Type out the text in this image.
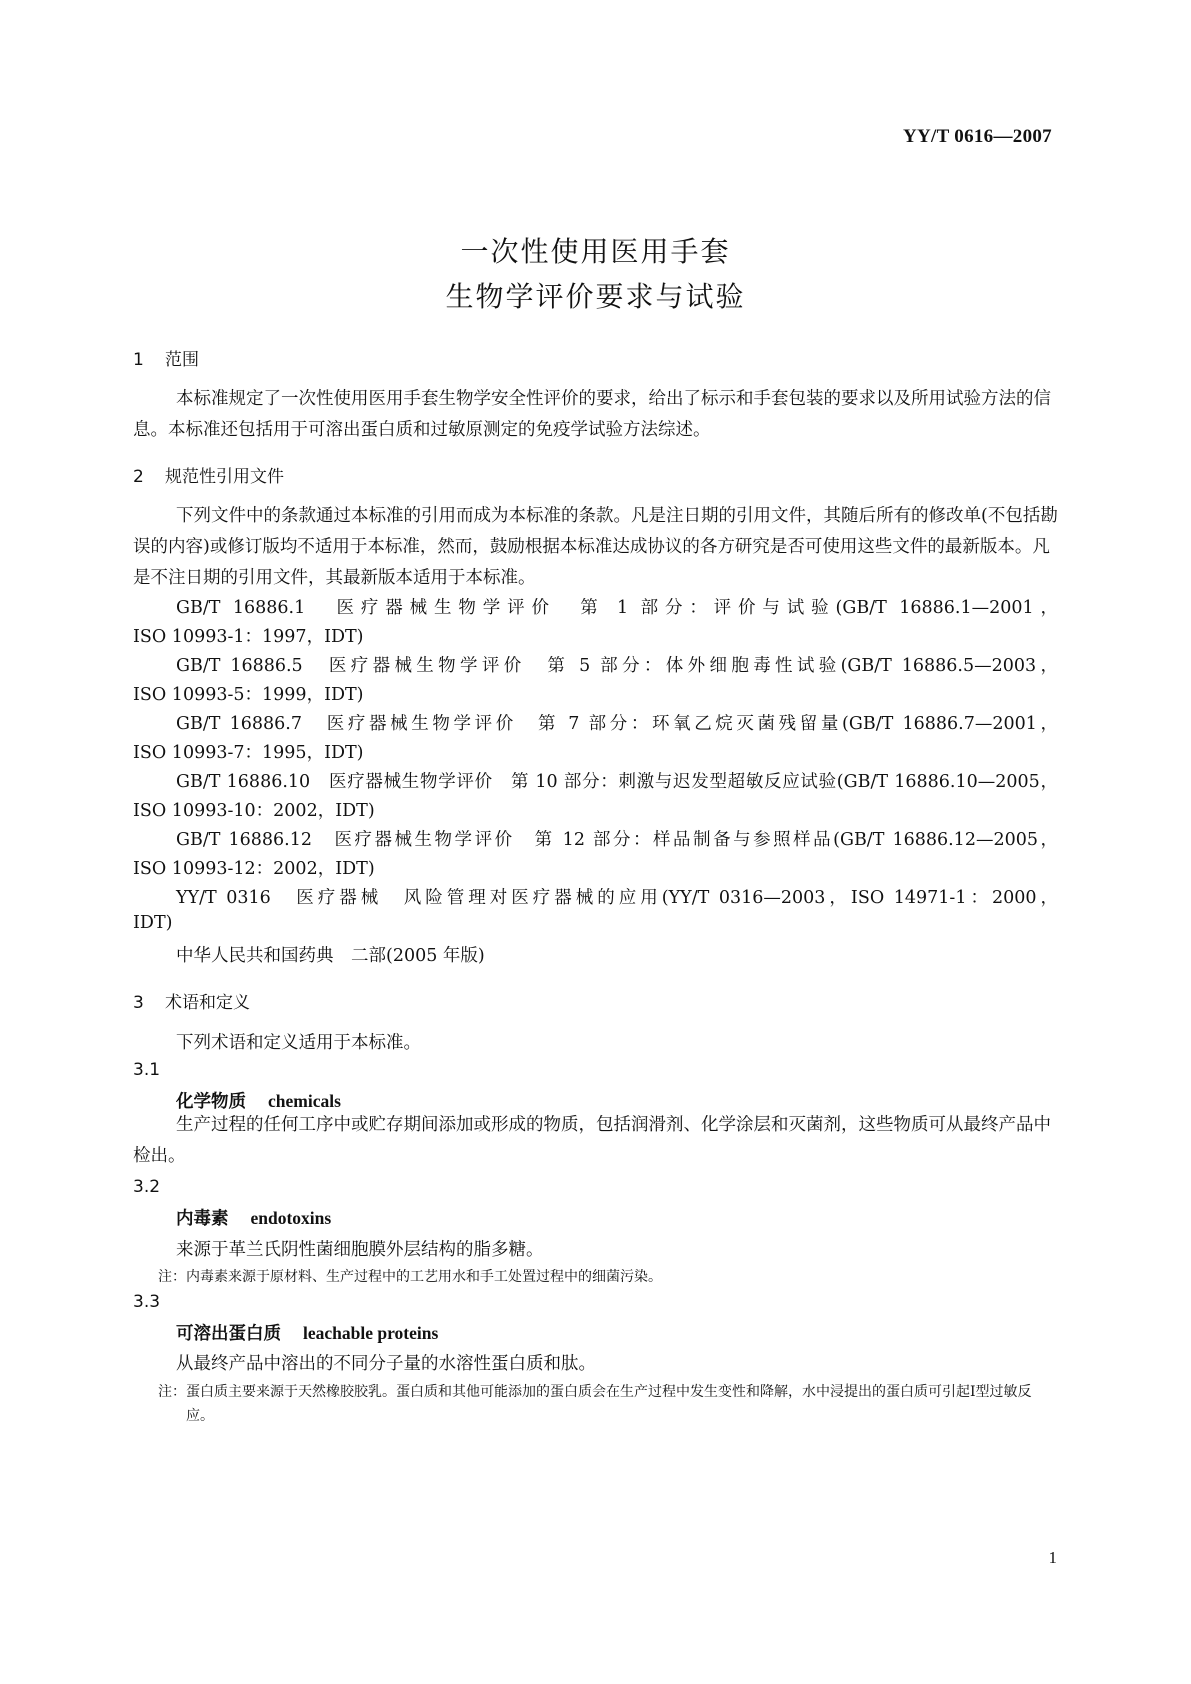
YY/T 0616—2007
一次性使用医用手套
生物学评价要求与试验
1 范围
本标准规定了一次性使用医用手套生物学安全性评价的要求，给出了标示和手套包装的要求以及所用试验方法的信息。本标准还包括用于可溶出蛋白质和过敏原测定的免疫学试验方法综述。
2 规范性引用文件
下列文件中的条款通过本标准的引用而成为本标准的条款。凡是注日期的引用文件，其随后所有的修改单(不包括勘误的内容)或修订版均不适用于本标准，然而，鼓励根据本标准达成协议的各方研究是否可使用这些文件的最新版本。凡是不注日期的引用文件，其最新版本适用于本标准。
GB/T 16886.1　医疗器械生物学评价　第 1 部分：评价与试验(GB/T 16886.1—2001，
ISO 10993-1：1997，IDT)
GB/T 16886.5　医疗器械生物学评价　第 5 部分：体外细胞毒性试验(GB/T 16886.5—2003，
ISO 10993-5：1999，IDT)
GB/T 16886.7　医疗器械生物学评价　第 7 部分：环氧乙烷灭菌残留量(GB/T 16886.7—2001，
ISO 10993-7：1995，IDT)
GB/T 16886.10　医疗器械生物学评价　第 10 部分：刺激与迟发型超敏反应试验(GB/T 16886.10—2005，
ISO 10993-10：2002，IDT)
GB/T 16886.12　医疗器械生物学评价　第 12 部分：样品制备与参照样品(GB/T 16886.12—2005，
ISO 10993-12：2002，IDT)
YY/T 0316　医疗器械　风险管理对医疗器械的应用(YY/T 0316—2003，ISO 14971-1：2000，
IDT)
中华人民共和国药典　二部(2005 年版)
3 术语和定义
下列术语和定义适用于本标准。
3.1
化学物质 chemicals
生产过程的任何工序中或贮存期间添加或形成的物质，包括润滑剂、化学涂层和灭菌剂，这些物质可从最终产品中检出。
3.2
内毒素 endotoxins
来源于革兰氏阴性菌细胞膜外层结构的脂多糖。
注：内毒素来源于原材料、生产过程中的工艺用水和手工处置过程中的细菌污染。
3.3
可溶出蛋白质 leachable proteins
从最终产品中溶出的不同分子量的水溶性蛋白质和肽。
注：蛋白质主要来源于天然橡胶胶乳。蛋白质和其他可能添加的蛋白质会在生产过程中发生变性和降解，水中浸提出的蛋白质可引起Ⅰ型过敏反应。
1
